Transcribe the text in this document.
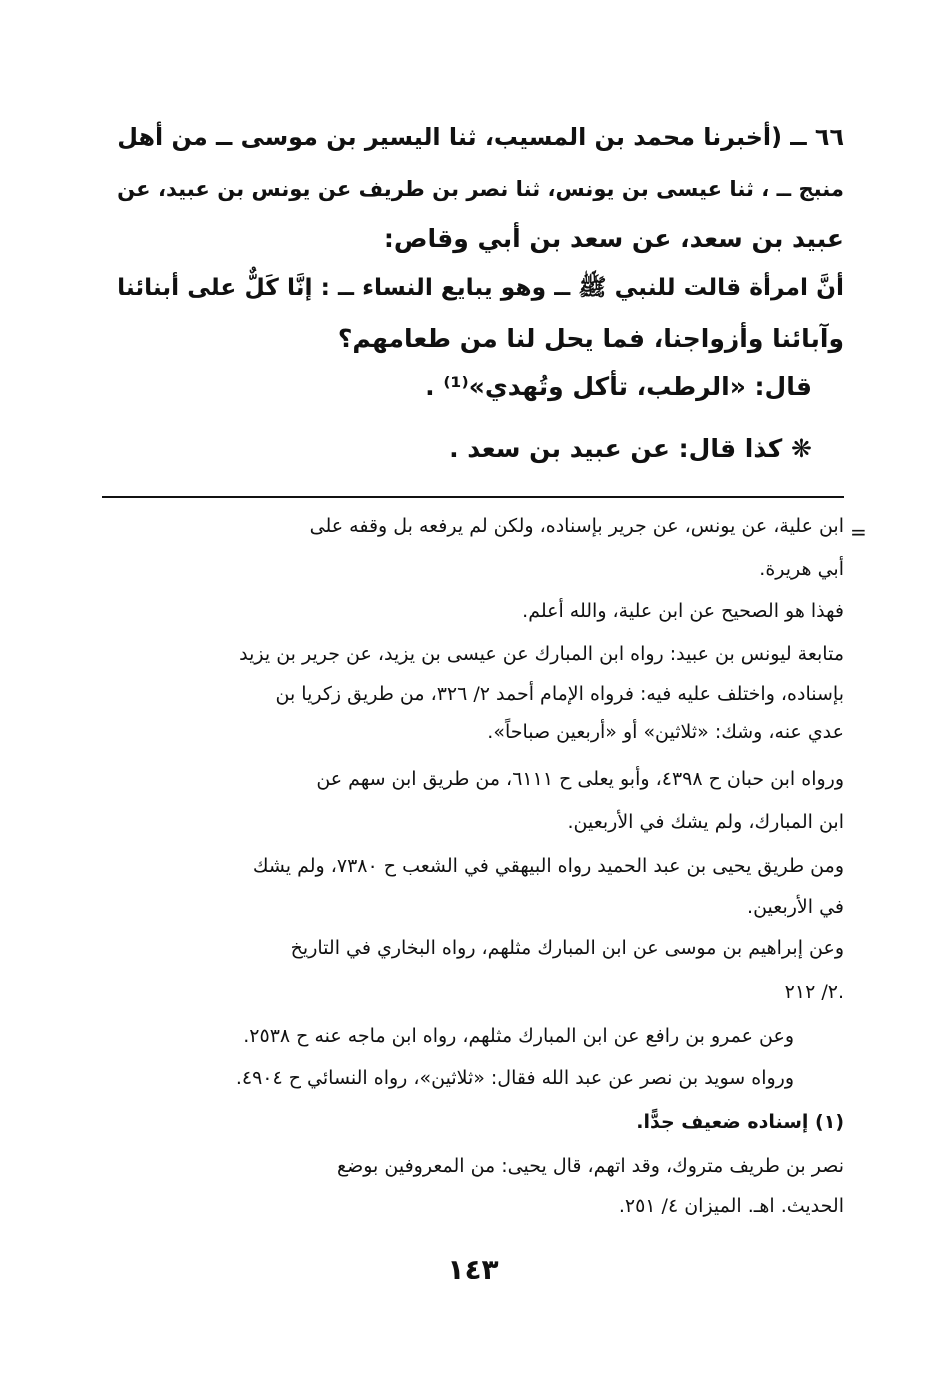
٦٦ ــ (أخبرنا محمد بن المسيب، ثنا اليسير بن موسى ــ من أهل
منبج ــ ، ثنا عيسى بن يونس، ثنا نصر بن طريف عن يونس بن عبيد، عن
عبيد بن سعد، عن سعد بن أبي وقاص:
أنَّ امرأة قالت للنبي ﷺ ــ وهو يبايع النساء ــ : إنَّا كَلٌّ على أبنائنا
وآبائنا وأزواجنا، فما يحل لنا من طعامهم؟
قال: «الرطب، تأكل وتُهدي»⁽¹⁾ .
❋ كذا قال: عن عبيد بن سعد .
=
ابن علية، عن يونس، عن جرير بإسناده، ولكن لم يرفعه بل وقفه على
أبي هريرة.
فهذا هو الصحيح عن ابن علية، والله أعلم.
متابعة ليونس بن عبيد: رواه ابن المبارك عن عيسى بن يزيد، عن جرير بن يزيد
بإسناده، واختلف عليه فيه: فرواه الإمام أحمد ٢/ ٣٢٦، من طريق زكريا بن
عدي عنه، وشك: «ثلاثين» أو «أربعين صباحاً».
ورواه ابن حبان ح ٤٣٩٨، وأبو يعلى ح ٦١١١، من طريق ابن سهم عن
ابن المبارك، ولم يشك في الأربعين.
ومن طريق يحيى بن عبد الحميد رواه البيهقي في الشعب ح ٧٣٨٠، ولم يشك
في الأربعين.
وعن إبراهيم بن موسى عن ابن المبارك مثلهم، رواه البخاري في التاريخ
٢/ ٢١٢.
وعن عمرو بن رافع عن ابن المبارك مثلهم، رواه ابن ماجه عنه ح ٢٥٣٨.
ورواه سويد بن نصر عن عبد الله فقال: «ثلاثين»، رواه النسائي ح ٤٩٠٤.
(١) إسناده ضعيف جدًّا.
نصر بن طريف متروك، وقد اتهم، قال يحيى: من المعروفين بوضع
الحديث. اهـ. الميزان ٤/ ٢٥١.
١٤٣
